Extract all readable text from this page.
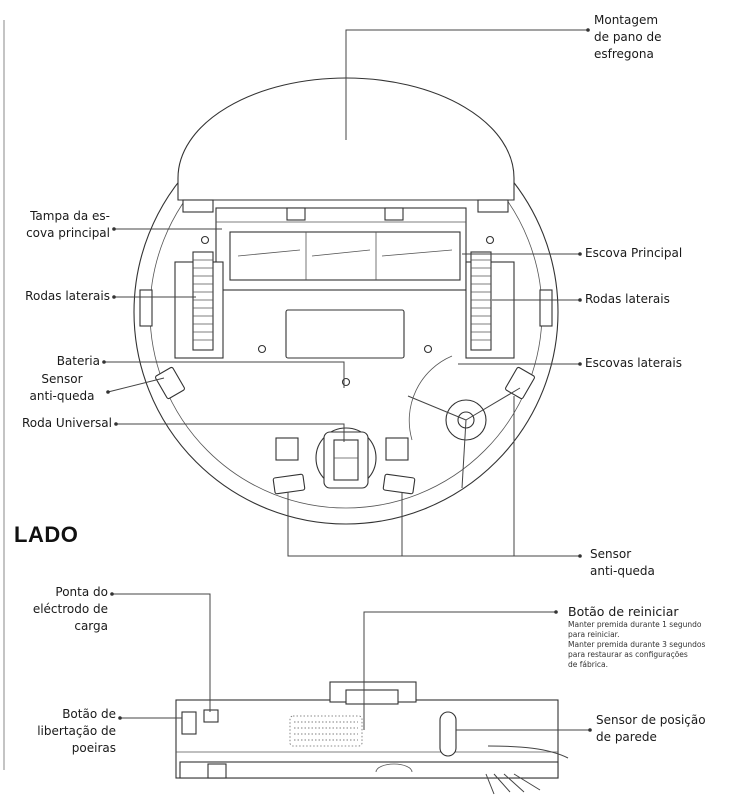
Montagem
de pano de
esfregona
Tampa da es-
cova principal
Rodas laterais
Bateria
Sensor
anti-queda
Roda Universal
Escova Principal
Rodas laterais
Escovas laterais
Sensor
anti-queda
LADO
Ponta do
eléctrodo de
carga
Botão de reiniciar
Manter premida durante 1 segundo
para reiniciar.
Manter premida durante 3 segundos
para restaurar as configurações
de fábrica.
Botão de
libertação de
poeiras
Sensor de posição
de parede
